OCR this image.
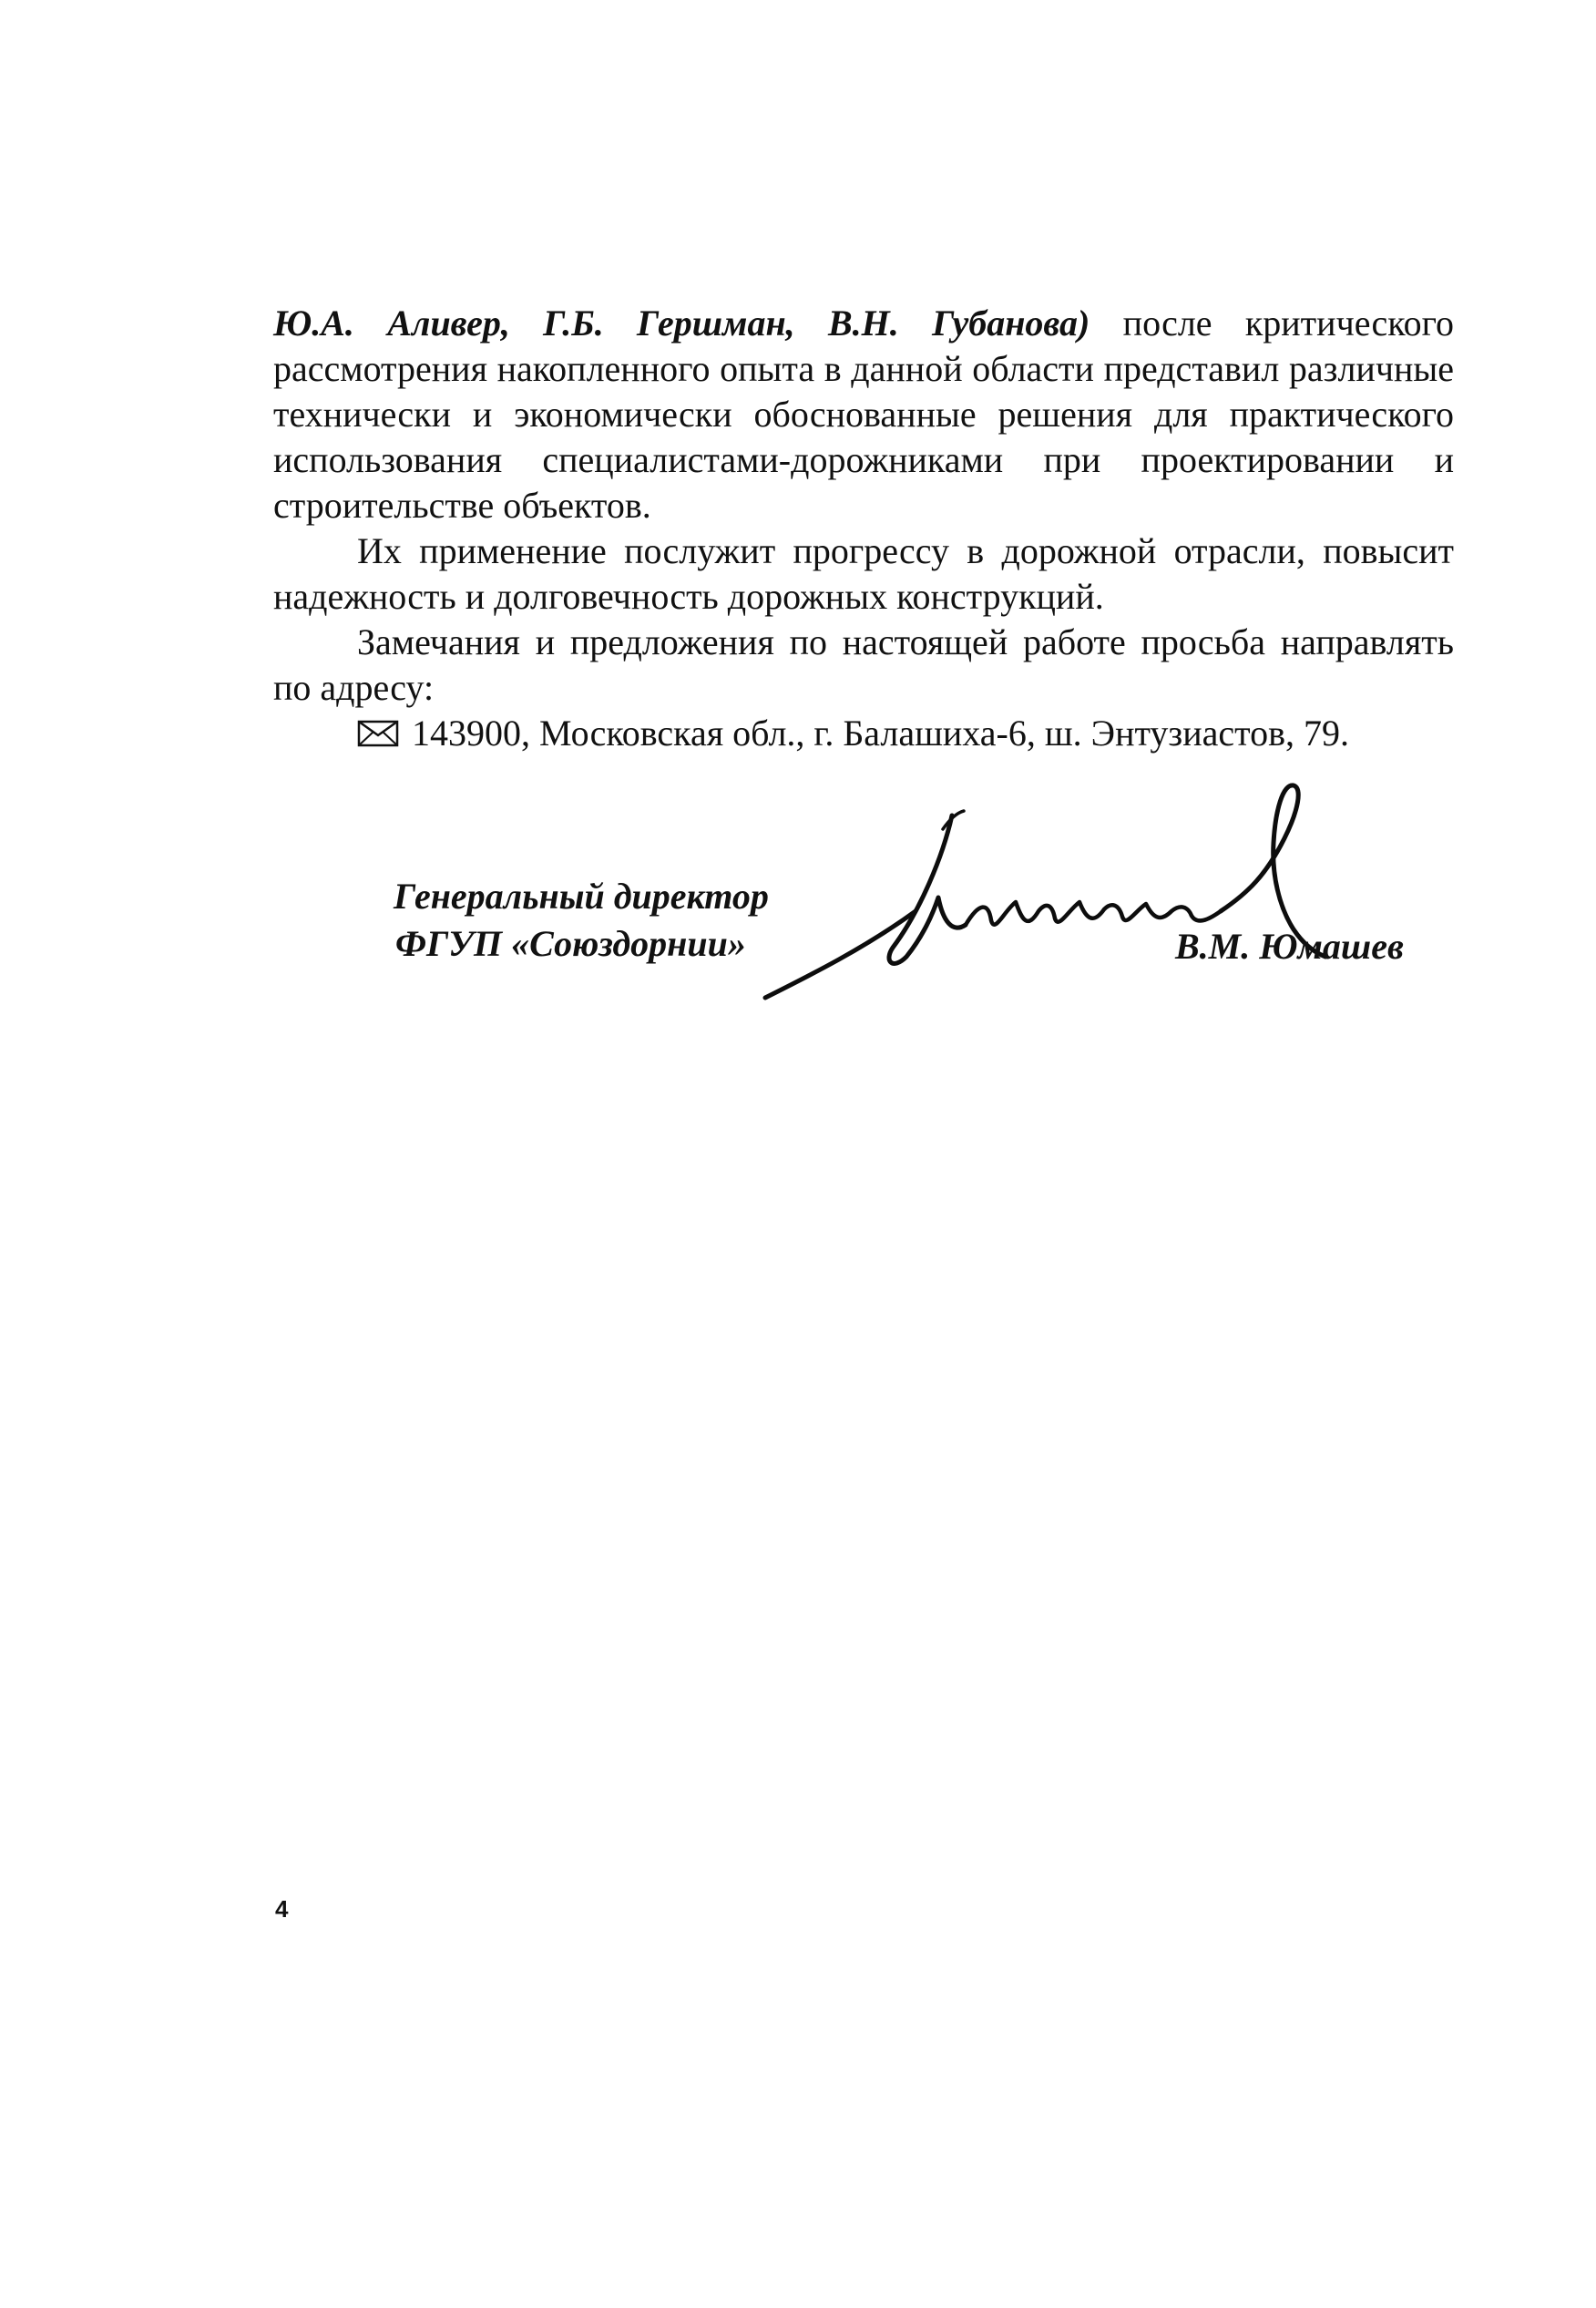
Ю.А. Аливер, Г.Б. Гершман, В.Н. Губанова) после критического рассмотрения накопленного опыта в данной области представил различные технически и экономически обоснованные решения для практического использования специалистами-дорожниками при проектировании и строительстве объектов.

Их применение послужит прогрессу в дорожной отрасли, повысит надежность и долговечность дорожных конструкций.

Замечания и предложения по настоящей работе просьба направлять по адресу:

143900, Московская обл., г. Балашиха-6, ш. Энтузиастов, 79.

Генеральный директор
ФГУП «Союздорнии»	В.М. Юмашев
4
